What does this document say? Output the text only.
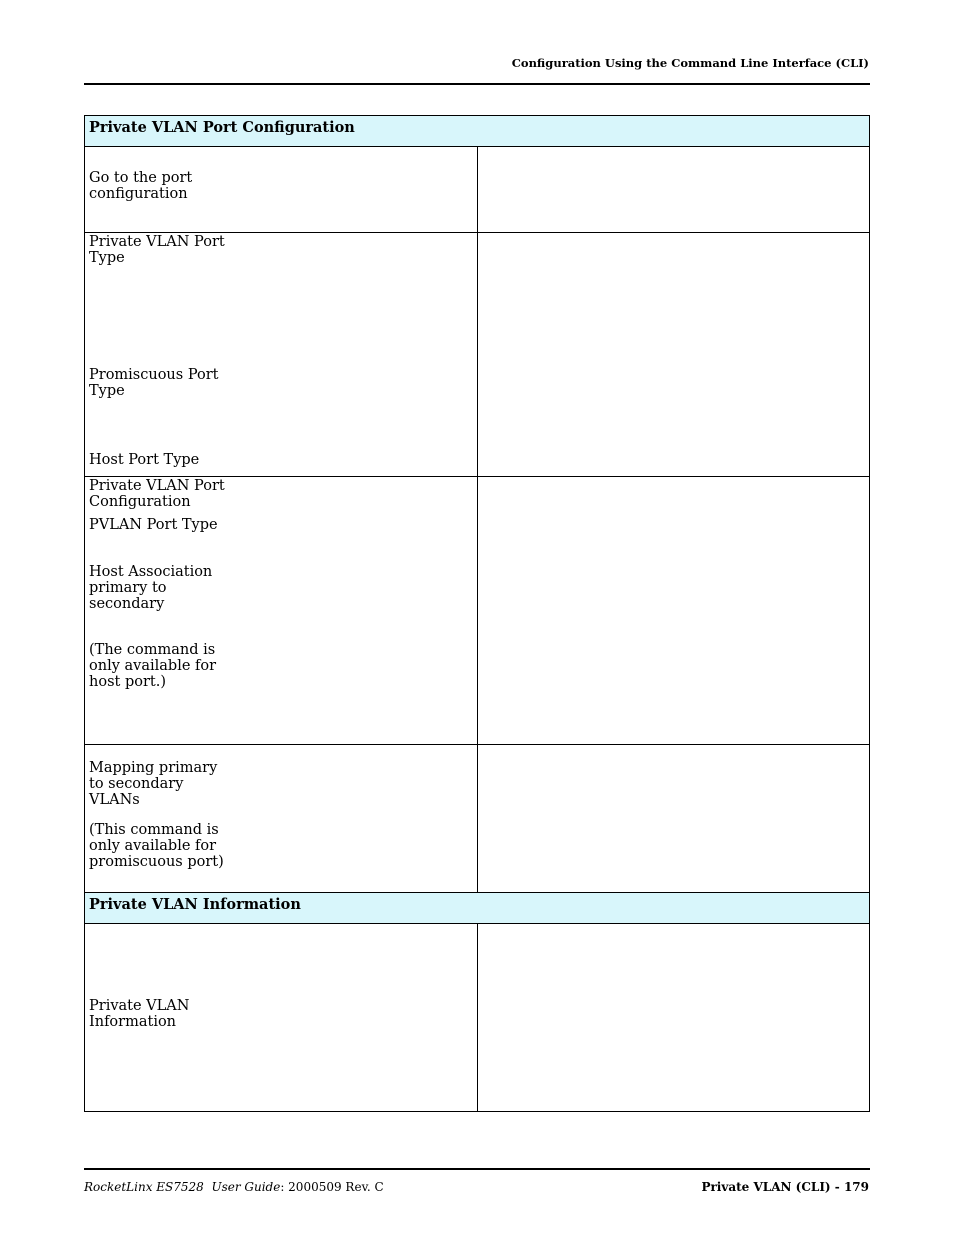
Configuration Using the Command Line Interface (CLI)
Private VLAN Port Configuration	

Go to the port configuration	

Private VLAN Port Type
Promiscuous Port Type
Host Port Type	

Private VLAN Port Configuration
PVLAN Port Type
Host Association primary to secondary
(The command is only available for host port.)	

Mapping primary to secondary VLANs
(This command is only available for promiscuous port)	

Private VLAN Information	

Private VLAN Information	

RocketLinx ES7528 User Guide: 2000509 Rev. C	Private VLAN (CLI) - 179
